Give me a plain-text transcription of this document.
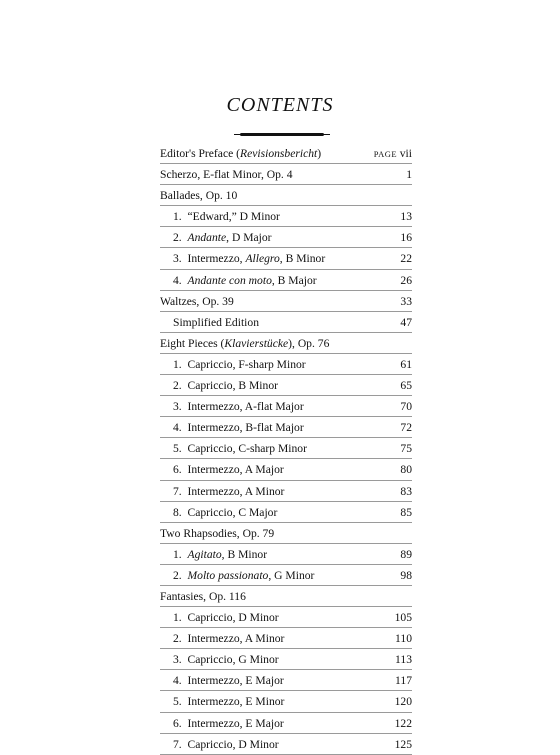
CONTENTS
Editor's Preface (Revisionsbericht)	PAGE vii
Scherzo, E-flat Minor, Op. 4	1
Ballades, Op. 10
1.  “Edward,” D Minor	13
2.  Andante, D Major	16
3.  Intermezzo, Allegro, B Minor	22
4.  Andante con moto, B Major	26
Waltzes, Op. 39	33
Simplified Edition	47
Eight Pieces (Klavierstücke), Op. 76
1.  Capriccio, F-sharp Minor	61
2.  Capriccio, B Minor	65
3.  Intermezzo, A-flat Major	70
4.  Intermezzo, B-flat Major	72
5.  Capriccio, C-sharp Minor	75
6.  Intermezzo, A Major	80
7.  Intermezzo, A Minor	83
8.  Capriccio, C Major	85
Two Rhapsodies, Op. 79
1.  Agitato, B Minor	89
2.  Molto passionato, G Minor	98
Fantasies, Op. 116
1.  Capriccio, D Minor	105
2.  Intermezzo, A Minor	110
3.  Capriccio, G Minor	113
4.  Intermezzo, E Major	117
5.  Intermezzo, E Minor	120
6.  Intermezzo, E Major	122
7.  Capriccio, D Minor	125
